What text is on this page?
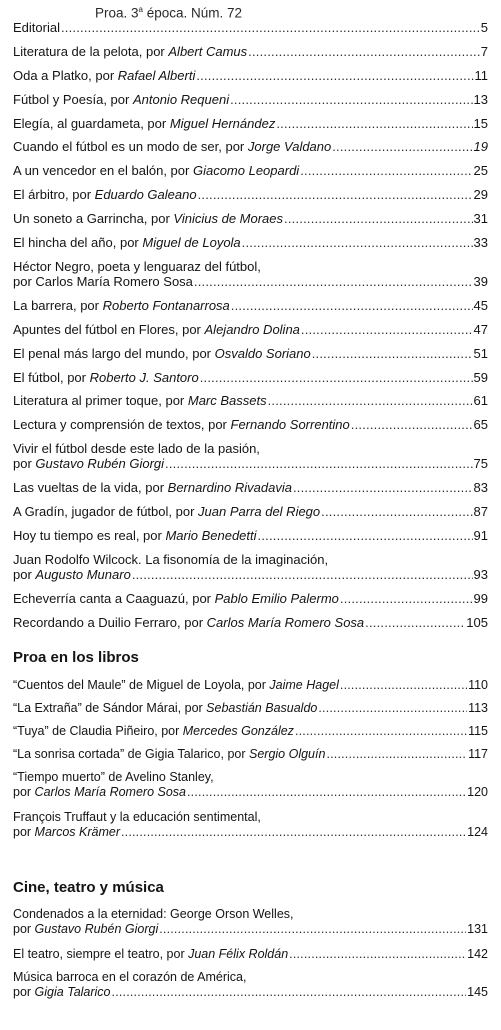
Proa. 3$^a$ época. Núm. 72
Editorial .....	5
Literatura de la pelota, por Albert Camus .....	7
Oda a Platko, por Rafael Alberti .....	11
Fútbol y Poesía, por Antonio Requeni .....	13
Elegía, al guardameta, por Miguel Hernández .....	15
Cuando el fútbol es un modo de ser, por Jorge Valdano .....	19
A un vencedor en el balón, por Giacomo Leopardi .....	25
El árbitro, por Eduardo Galeano .....	29
Un soneto a Garrincha, por Vinicius de Moraes .....	31
El hincha del año, por Miguel de Loyola .....	33
Héctor Negro, poeta y lenguaraz del fútbol,
por Carlos María Romero Sosa .....	39
La barrera, por Roberto Fontanarrosa .....	45
Apuntes del fútbol en Flores, por Alejandro Dolina .....	47
El penal más largo del mundo, por Osvaldo Soriano .....	51
El fútbol, por Roberto J. Santoro .....	59
Literatura al primer toque, por Marc Bassets .....	61
Lectura y comprensión de textos, por Fernando Sorrentino .....	65
Vivir el fútbol desde este lado de la pasión,
por Gustavo Rubén Giorgi .....	75
Las vueltas de la vida, por Bernardino Rivadavia .....	83
A Gradín, jugador de fútbol, por Juan Parra del Riego .....	87
Hoy tu tiempo es real, por Mario Benedetti .....	91
Juan Rodolfo Wilcock. La fisonomía de la imaginación,
por Augusto Munaro .....	93
Echeverría canta a Caaguazú, por Pablo Emilio Palermo .....	99
Recordando a Duilio Ferraro, por Carlos María Romero Sosa .....	105
Proa en los libros
“Cuentos del Maule” de Miguel de Loyola, por Jaime Hagel .....	110
“La Extraña” de Sándor Márai, por Sebastián Basualdo .....	113
“Tuya” de Claudia Piñeiro, por Mercedes González .....	115
“La sonrisa cortada” de Gigia Talarico, por Sergio Olguín .....	117
“Tiempo muerto” de Avelino Stanley,
por Carlos María Romero Sosa .....	120
François Truffaut y la educación sentimental,
por Marcos Krämer .....	124
Cine, teatro y música
Condenados a la eternidad: George Orson Welles,
por Gustavo Rubén Giorgi .....	131
El teatro, siempre el teatro, por Juan Félix Roldán .....	142
Música barroca en el corazón de América,
por Gigia Talarico .....	145
